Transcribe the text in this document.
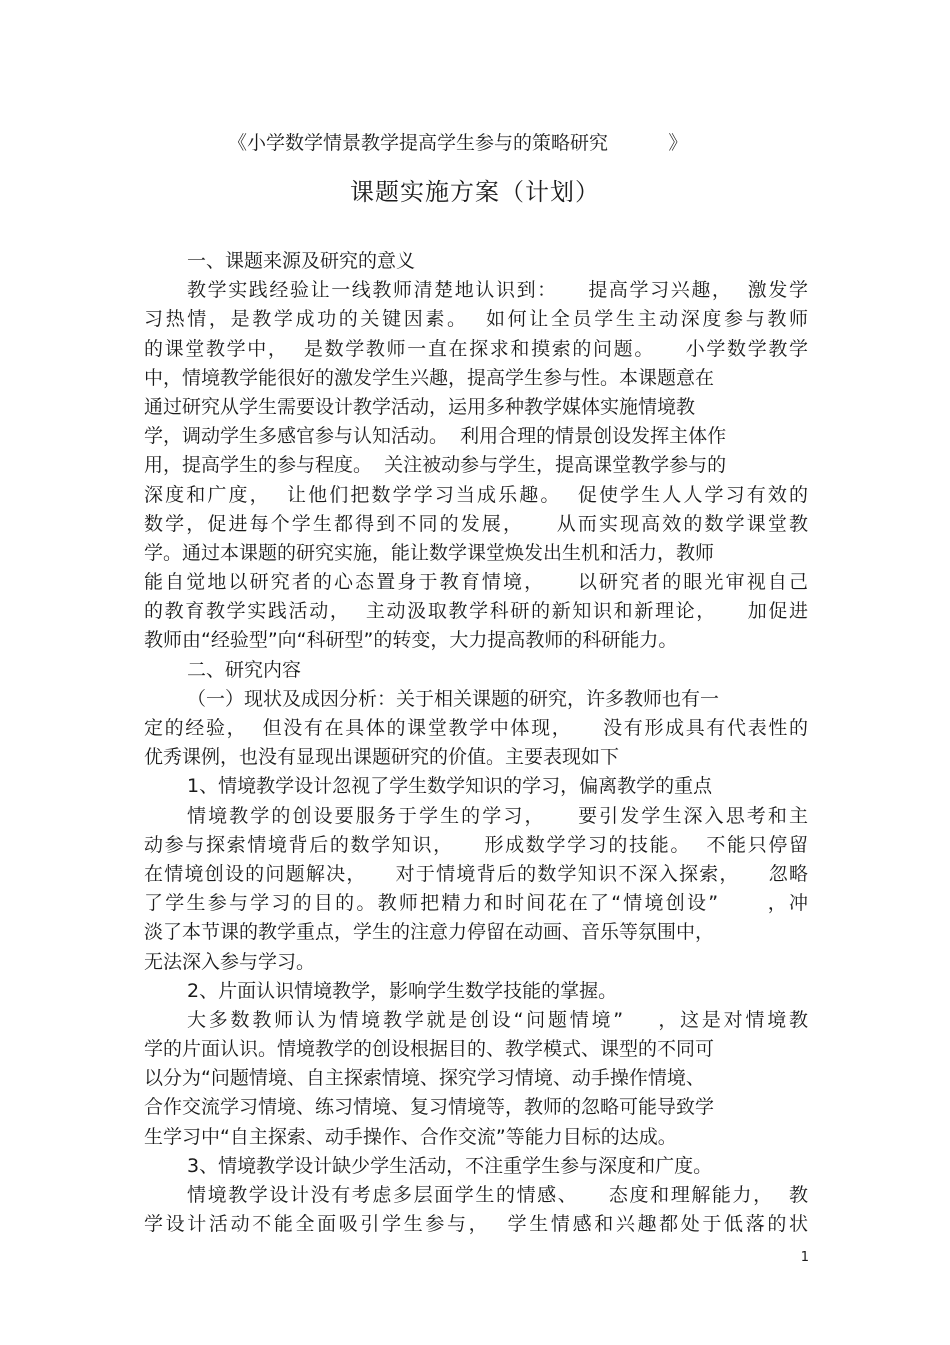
《小学数学情景教学提高学生参与的策略研究          》
课题实施方案（计划）
一、课题来源及研究的意义
教学实践经验让一线教师清楚地认识到：    提高学习兴趣，  激发学
习热情，是教学成功的关键因素。  如何让全员学生主动深度参与教师
的课堂教学中，  是数学教师一直在探求和摸索的问题。    小学数学教学
中，情境教学能很好的激发学生兴趣，提高学生参与性。本课题意在
通过研究从学生需要设计教学活动，运用多种教学媒体实施情境教
学，调动学生多感官参与认知活动。  利用合理的情景创设发挥主体作
用，提高学生的参与程度。  关注被动参与学生，提高课堂教学参与的
深度和广度，  让他们把数学学习当成乐趣。  促使学生人人学习有效的
数学，促进每个学生都得到不同的发展，    从而实现高效的数学课堂教
学。通过本课题的研究实施，能让数学课堂焕发出生机和活力，教师
能自觉地以研究者的心态置身于教育情境，    以研究者的眼光审视自己
的教育教学实践活动，  主动汲取教学科研的新知识和新理论，    加促进
教师由“经验型”向“科研型”的转变，大力提高教师的科研能力。
二、研究内容
（一）现状及成因分析：关于相关课题的研究，许多教师也有一
定的经验，  但没有在具体的课堂教学中体现，    没有形成具有代表性的
优秀课例，也没有显现出课题研究的价值。主要表现如下
1、情境教学设计忽视了学生数学知识的学习，偏离教学的重点
情境教学的创设要服务于学生的学习，    要引发学生深入思考和主
动参与探索情境背后的数学知识，    形成数学学习的技能。  不能只停留
在情境创设的问题解决，    对于情境背后的数学知识不深入探索，    忽略
了学生参与学习的目的。教师把精力和时间花在了“情境创设”      ，冲
淡了本节课的教学重点，学生的注意力停留在动画、音乐等氛围中，
无法深入参与学习。
2、片面认识情境教学，影响学生数学技能的掌握。
大多数教师认为情境教学就是创设“问题情境”    ，这是对情境教
学的片面认识。情境教学的创设根据目的、教学模式、课型的不同可
以分为“问题情境、自主探索情境、探究学习情境、动手操作情境、
合作交流学习情境、练习情境、复习情境等，教师的忽略可能导致学
生学习中“自主探索、动手操作、合作交流”等能力目标的达成。
3、情境教学设计缺少学生活动，不注重学生参与深度和广度。
情境教学设计没有考虑多层面学生的情感、    态度和理解能力，  教
学设计活动不能全面吸引学生参与，  学生情感和兴趣都处于低落的状
1
